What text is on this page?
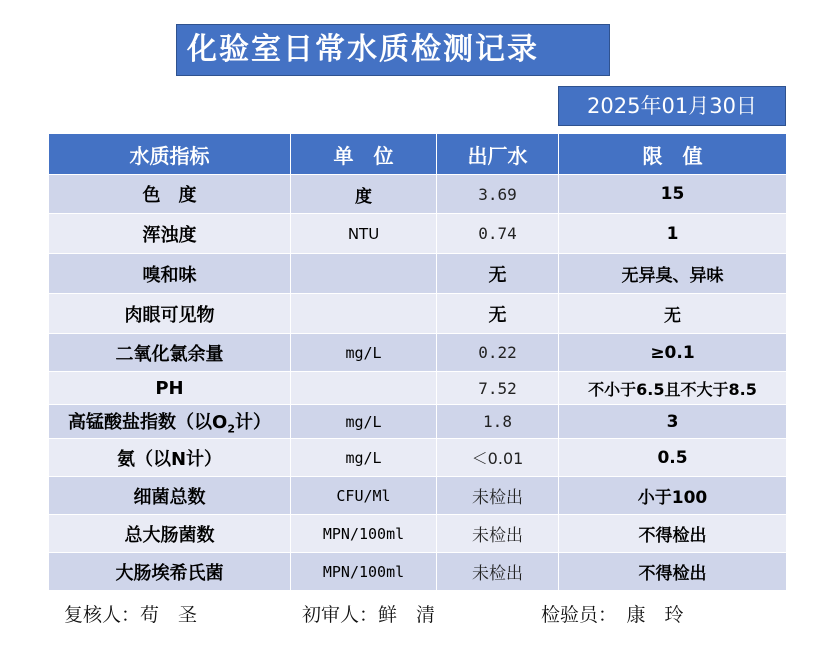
化验室日常水质检测记录
2025年01月30日
水质指标	单　位	出厂水	限　值
色　度	度	3.69	15
浑浊度	NTU	0.74	1
嗅和味		无	无异臭、异味
肉眼可见物		无	无
二氧化氯余量	mg/L	0.22	≥0.1
PH		7.52	不小于6.5且不大于8.5
高锰酸盐指数（以$O_2$计）	mg/L	1.8	3
氨（以N计）	mg/L	＜0.01	0.5
细菌总数	CFU/Ml	未检出	小于100
总大肠菌数	MPN/100ml	未检出	不得检出
大肠埃希氏菌	MPN/100ml	未检出	不得检出
复核人：苟　圣	初审人：鲜　清	检验员：　康　玲
